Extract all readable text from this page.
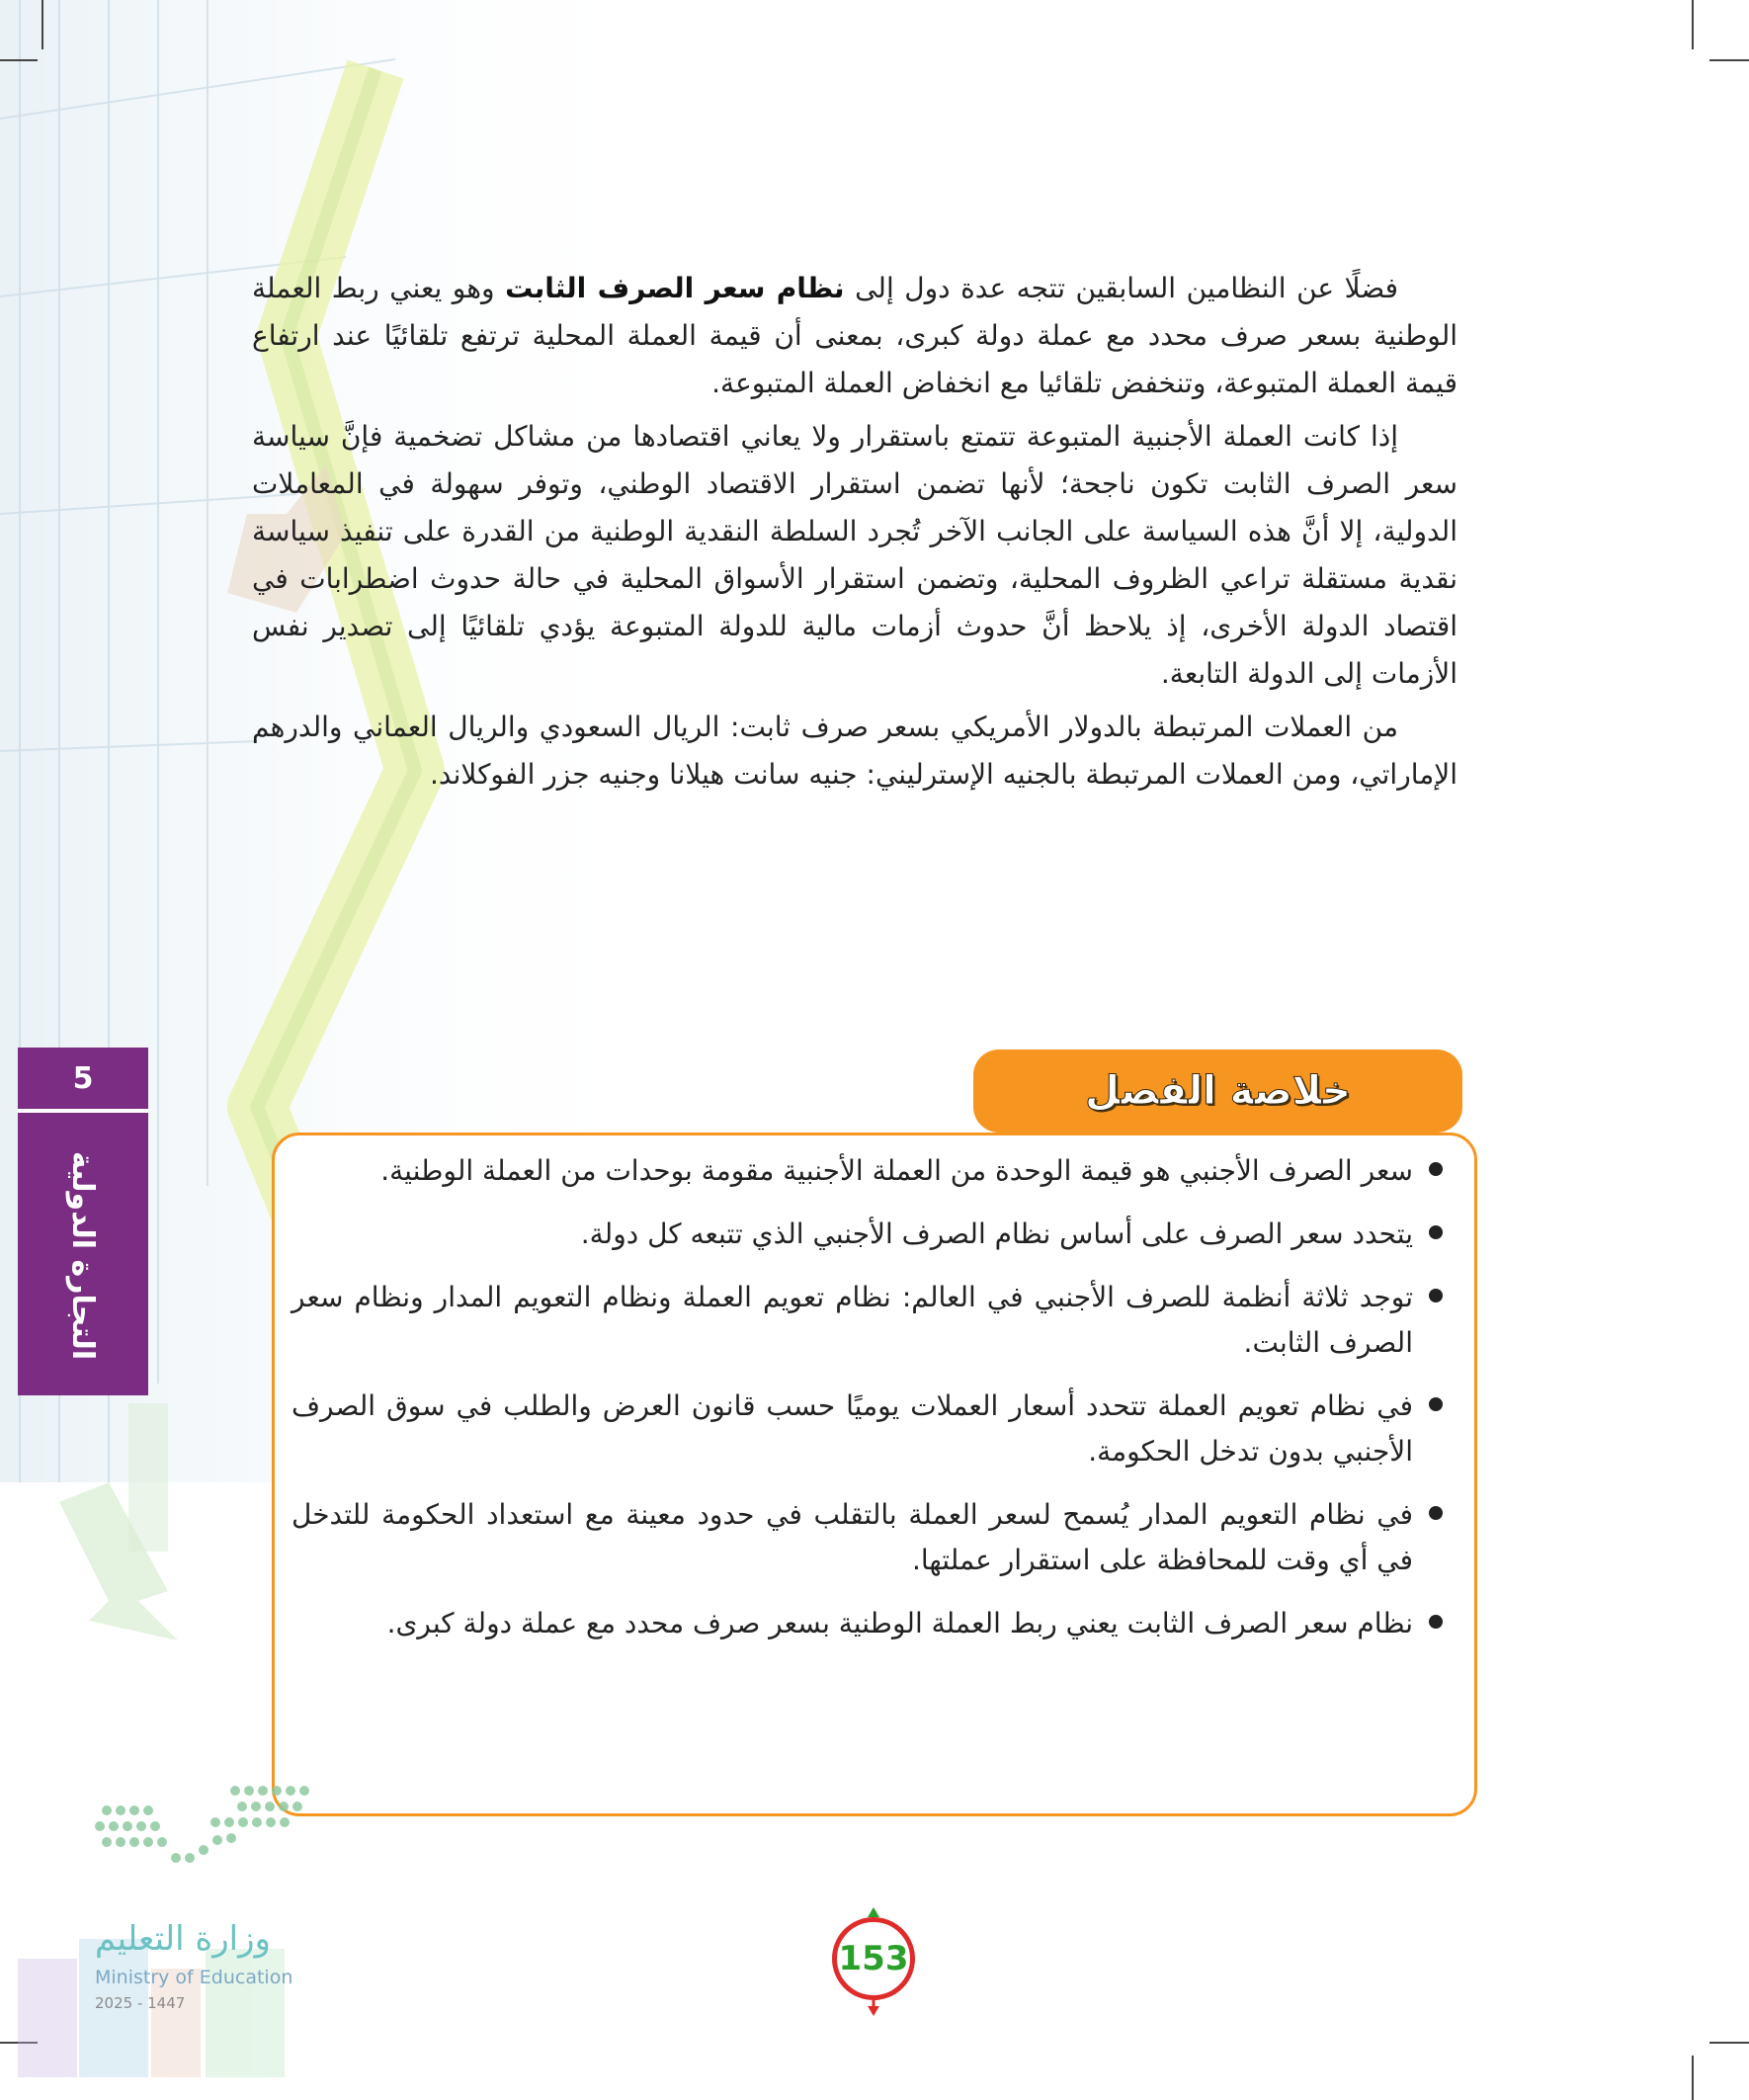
فضلًا عن النظامين السابقين تتجه عدة دول إلى نظام سعر الصرف الثابت وهو يعني ربط العملة الوطنية بسعر صرف محدد مع عملة دولة كبرى، بمعنى أن قيمة العملة المحلية ترتفع تلقائيًا عند ارتفاع قيمة العملة المتبوعة، وتنخفض تلقائيا مع انخفاض العملة المتبوعة.

إذا كانت العملة الأجنبية المتبوعة تتمتع باستقرار ولا يعاني اقتصادها من مشاكل تضخمية فإنَّ سياسة سعر الصرف الثابت تكون ناجحة؛ لأنها تضمن استقرار الاقتصاد الوطني، وتوفر سهولة في المعاملات الدولية، إلا أنَّ هذه السياسة على الجانب الآخر تُجرد السلطة النقدية الوطنية من القدرة على تنفيذ سياسة نقدية مستقلة تراعي الظروف المحلية، وتضمن استقرار الأسواق المحلية في حالة حدوث اضطرابات في اقتصاد الدولة الأخرى، إذ يلاحظ أنَّ حدوث أزمات مالية للدولة المتبوعة يؤدي تلقائيًا إلى تصدير نفس الأزمات إلى الدولة التابعة.

من العملات المرتبطة بالدولار الأمريكي بسعر صرف ثابت: الريال السعودي والريال العماني والدرهم الإماراتي، ومن العملات المرتبطة بالجنيه الإسترليني: جنيه سانت هيلانا وجنيه جزر الفوكلاند.

5
التجارة الدولية
خلاصة الفصل
سعر الصرف الأجنبي هو قيمة الوحدة من العملة الأجنبية مقومة بوحدات من العملة الوطنية.
يتحدد سعر الصرف على أساس نظام الصرف الأجنبي الذي تتبعه كل دولة.
توجد ثلاثة أنظمة للصرف الأجنبي في العالم: نظام تعويم العملة ونظام التعويم المدار ونظام سعر الصرف الثابت.
في نظام تعويم العملة تتحدد أسعار العملات يوميًا حسب قانون العرض والطلب في سوق الصرف الأجنبي بدون تدخل الحكومة.
في نظام التعويم المدار يُسمح لسعر العملة بالتقلب في حدود معينة مع استعداد الحكومة للتدخل في أي وقت للمحافظة على استقرار عملتها.
نظام سعر الصرف الثابت يعني ربط العملة الوطنية بسعر صرف محدد مع عملة دولة كبرى.
153
وزارة التعليم
Ministry of Education
2025 - 1447
